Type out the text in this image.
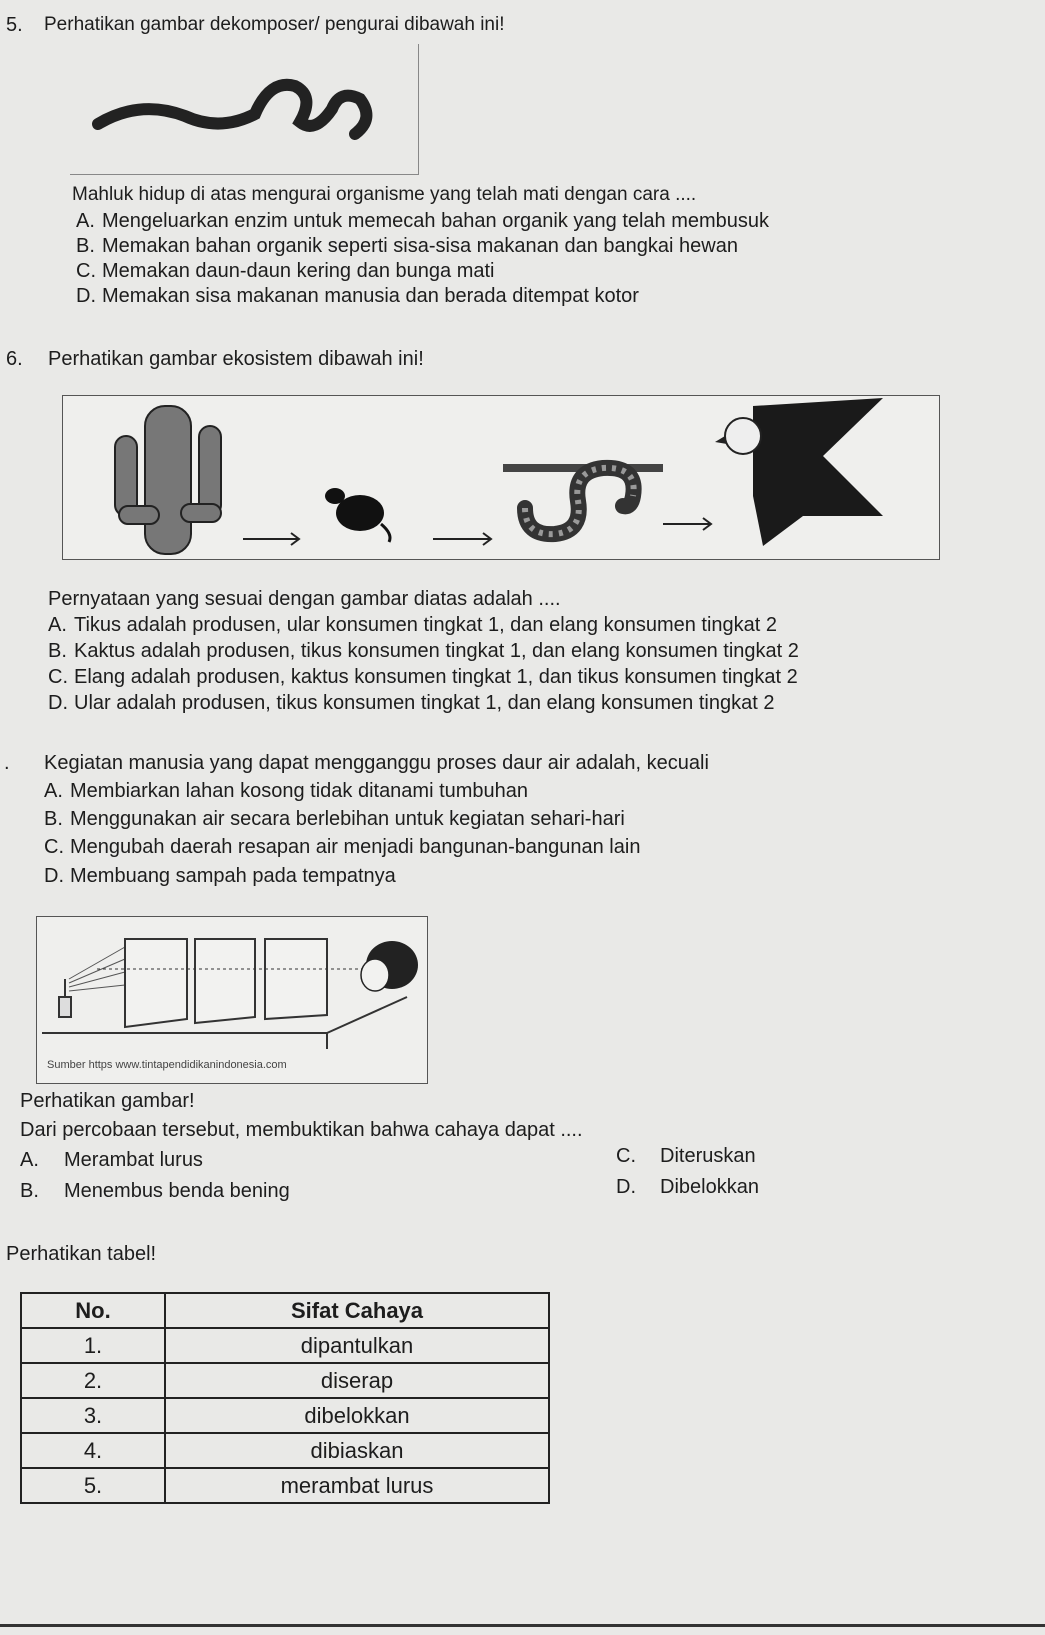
5. Perhatikan gambar dekomposer/ pengurai dibawah ini!
Mahluk hidup di atas mengurai organisme yang telah mati dengan cara ....
A. Mengeluarkan enzim untuk memecah bahan organik yang telah membusuk
B. Memakan bahan organik seperti sisa-sisa makanan dan bangkai hewan
C. Memakan daun-daun kering dan bunga mati
D. Memakan sisa makanan manusia dan berada ditempat kotor
6. Perhatikan gambar ekosistem dibawah ini!
Pernyataan yang sesuai dengan gambar diatas adalah ....
A. Tikus adalah produsen, ular konsumen tingkat 1, dan elang konsumen tingkat 2
B. Kaktus adalah produsen, tikus konsumen tingkat 1, dan elang konsumen tingkat 2
C. Elang adalah produsen, kaktus konsumen tingkat 1, dan tikus konsumen tingkat 2
D. Ular adalah produsen, tikus konsumen tingkat 1, dan elang konsumen tingkat 2
. Kegiatan manusia yang dapat mengganggu proses daur air adalah, kecuali
A. Membiarkan lahan kosong tidak ditanami tumbuhan
B. Menggunakan air secara berlebihan untuk kegiatan sehari-hari
C. Mengubah daerah resapan air menjadi bangunan-bangunan lain
D. Membuang sampah pada tempatnya
Sumber https www.tintapendidikanindonesia.com
Perhatikan gambar!
Dari percobaan tersebut, membuktikan bahwa cahaya dapat ....
A. Merambat lurus
B. Menembus benda bening
C. Diteruskan
D. Dibelokkan
Perhatikan tabel!
No.	Sifat Cahaya
1.	dipantulkan
2.	diserap
3.	dibelokkan
4.	dibiaskan
5.	merambat lurus
